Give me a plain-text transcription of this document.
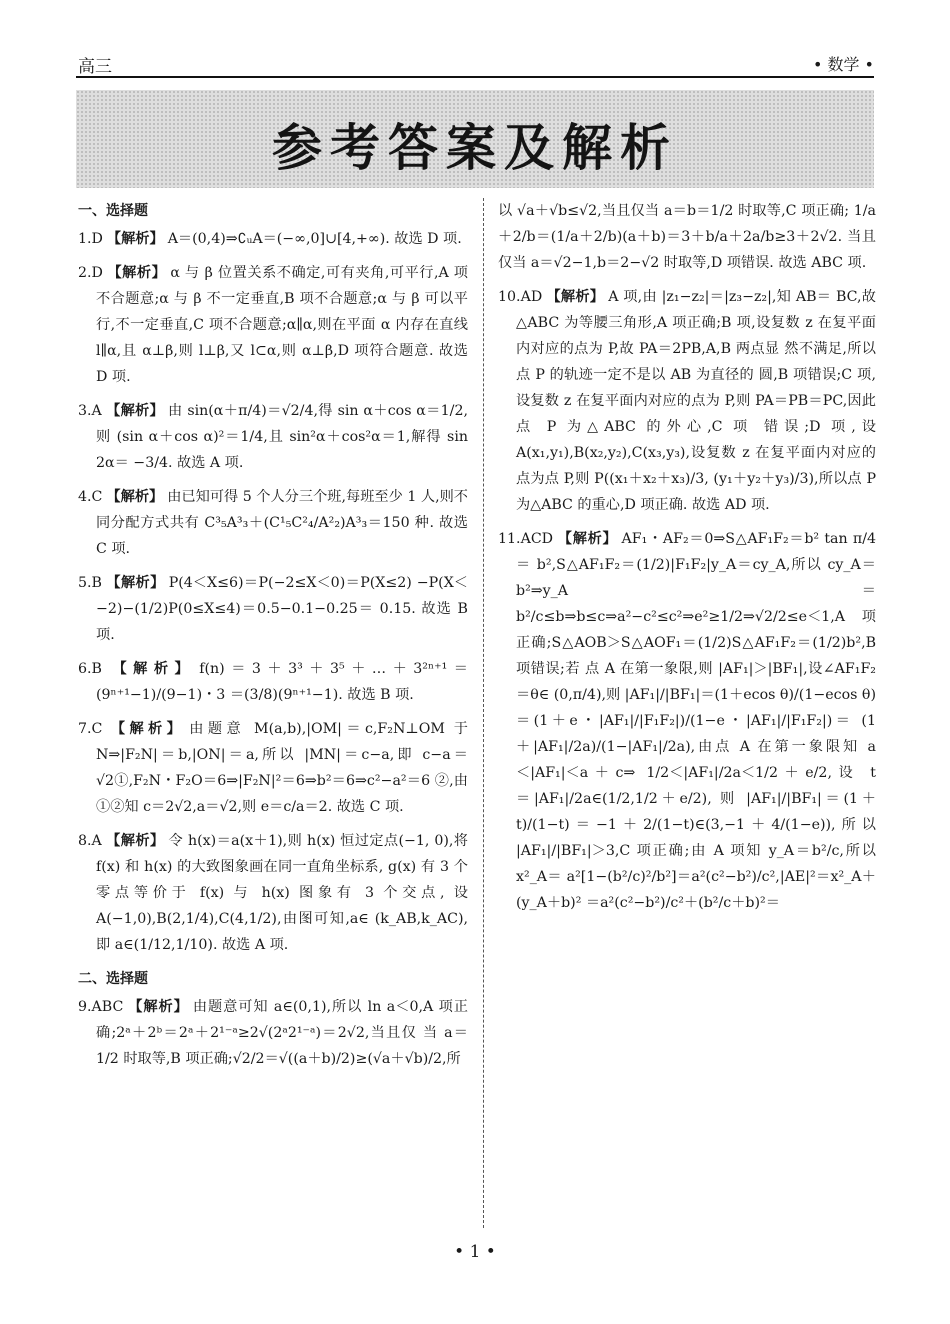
高三	• 数学 •
参考答案及解析
一、选择题
1.D 【解析】 A＝(0,4)⇒∁ᵤA＝(−∞,0]∪[4,+∞). 故选 D 项.
2.D 【解析】 α 与 β 位置关系不确定,可有夹角,可平行,A 项不合题意;α 与 β 不一定垂直,B 项不合题意;α 与 β 可以平行,不一定垂直,C 项不合题意;α∥α,则在平面 α 内存在直线 l∥α,且 α⊥β,则 l⊥β,又 l⊂α,则 α⊥β,D 项符合题意. 故选 D 项.
3.A 【解析】 由 sin(α＋π/4)＝√2/4,得 sin α＋cos α＝1/2,则 (sin α＋cos α)²＝1/4,且 sin²α＋cos²α＝1,解得 sin 2α＝ −3/4. 故选 A 项.
4.C 【解析】 由已知可得 5 个人分三个班,每班至少 1 人,则不同分配方式共有 C³₅A³₃＋(C¹₅C²₄/A²₂)A³₃＝150 种. 故选 C 项.
5.B 【解析】 P(4＜X≤6)＝P(−2≤X＜0)＝P(X≤2) −P(X＜−2)−(1/2)P(0≤X≤4)＝0.5−0.1−0.25＝ 0.15. 故选 B 项.
6.B 【解析】 f(n)＝3＋3³＋3⁵＋…＋3²ⁿ⁺¹＝(9ⁿ⁺¹−1)/(9−1)・3 ＝(3/8)(9ⁿ⁺¹−1). 故选 B 项.
7.C 【解析】 由题意 M(a,b),|OM|＝c,F₂N⊥OM 于 N⇒|F₂N|＝b,|ON|＝a,所以 |MN|＝c−a,即 c−a＝ √2①,F₂N・F₂O＝6⇒|F₂N|²＝6⇒b²＝6⇒c²−a²＝6 ②,由①②知 c＝2√2,a＝√2,则 e＝c/a＝2. 故选 C 项.
8.A 【解析】 令 h(x)＝a(x＋1),则 h(x) 恒过定点(−1, 0),将 f(x) 和 h(x) 的大致图象画在同一直角坐标系, g(x) 有 3 个零点等价于 f(x) 与 h(x) 图象有 3 个交点, 设 A(−1,0),B(2,1/4),C(4,1/2),由图可知,a∈ (k_AB,k_AC),即 a∈(1/12,1/10). 故选 A 项.
二、选择题
9.ABC 【解析】 由题意可知 a∈(0,1),所以 ln a＜0,A 项正确;2ᵃ＋2ᵇ＝2ᵃ＋2¹⁻ᵃ≥2√(2ᵃ2¹⁻ᵃ)＝2√2,当且仅 当 a＝1/2 时取等,B 项正确;√2/2＝√((a＋b)/2)≥(√a＋√b)/2,所
以 √a＋√b≤√2,当且仅当 a＝b＝1/2 时取等,C 项正确; 1/a＋2/b＝(1/a＋2/b)(a＋b)＝3＋b/a＋2a/b≥3＋2√2. 当且仅当 a＝√2−1,b＝2−√2 时取等,D 项错误. 故选 ABC 项.
10.AD 【解析】 A 项,由 |z₁−z₂|＝|z₃−z₂|,知 AB＝ BC,故△ABC 为等腰三角形,A 项正确;B 项,设复数 z 在复平面内对应的点为 P,故 PA＝2PB,A,B 两点显 然不满足,所以点 P 的轨迹一定不是以 AB 为直径的 圆,B 项错误;C 项,设复数 z 在复平面内对应的点为 P,则 PA＝PB＝PC,因此点 P 为△ABC 的外心,C 项 错误;D 项,设 A(x₁,y₁),B(x₂,y₂),C(x₃,y₃),设复数 z 在复平面内对应的点为点 P,则 P((x₁＋x₂＋x₃)/3, (y₁＋y₂＋y₃)/3),所以点 P 为△ABC 的重心,D 项正确. 故选 AD 项.
11.ACD 【解析】 AF₁・AF₂＝0⇒S△AF₁F₂＝b² tan π/4＝ b²,S△AF₁F₂＝(1/2)|F₁F₂|y_A＝cy_A,所以 cy_A＝b²⇒y_A＝ b²/c≤b⇒b≤c⇒a²−c²≤c²⇒e²≥1/2⇒√2/2≤e＜1,A 项 正确;S△AOB＞S△AOF₁＝(1/2)S△AF₁F₂＝(1/2)b²,B 项错误;若 点 A 在第一象限,则 |AF₁|＞|BF₁|,设∠AF₁F₂＝θ∈ (0,π/4),则 |AF₁|/|BF₁|＝(1＋ecos θ)/(1−ecos θ)＝(1＋e・|AF₁|/|F₁F₂|)/(1−e・|AF₁|/|F₁F₂|)＝ (1＋|AF₁|/2a)/(1−|AF₁|/2a),由点 A 在第一象限知 a＜|AF₁|＜a＋c⇒ 1/2＜|AF₁|/2a＜1/2＋e/2,设 t＝|AF₁|/2a∈(1/2,1/2＋e/2), 则 |AF₁|/|BF₁|＝(1＋t)/(1−t)＝−1＋2/(1−t)∈(3,−1＋4/(1−e)),所以 |AF₁|/|BF₁|＞3,C 项正确;由 A 项知 y_A＝b²/c,所以 x²_A＝ a²[1−(b²/c)²/b²]＝a²(c²−b²)/c²,|AE|²＝x²_A＋(y_A＋b)² ＝a²(c²−b²)/c²＋(b²/c＋b)²＝
• 1 •
